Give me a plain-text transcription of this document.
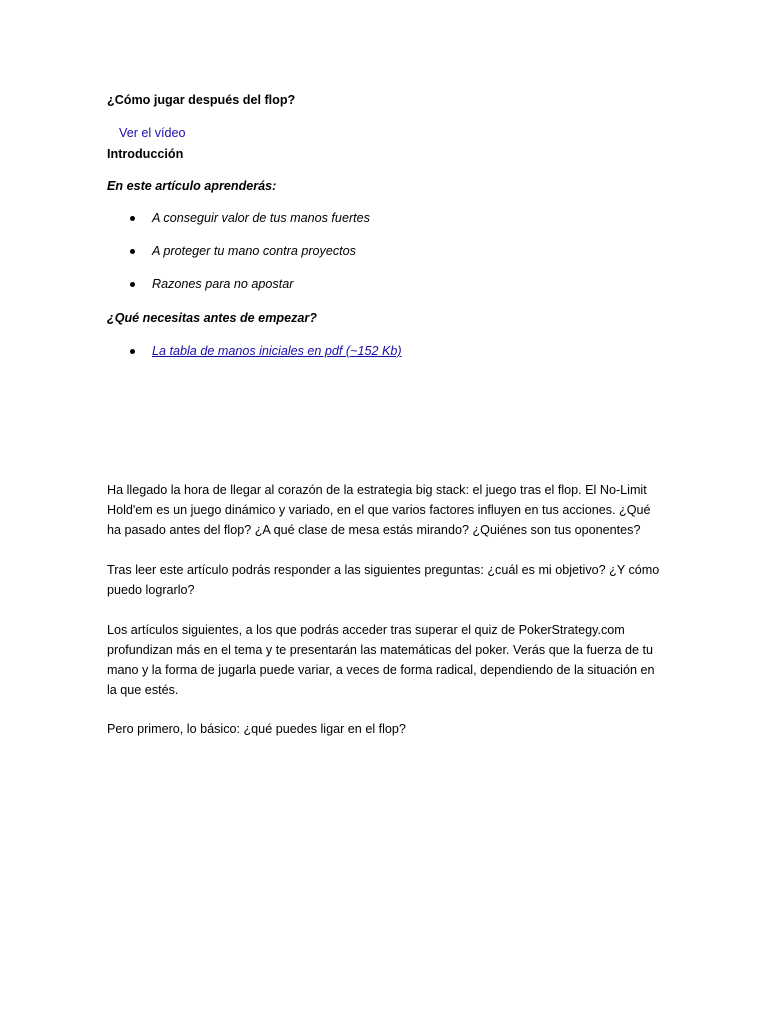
¿Cómo jugar después del flop?
Ver el vídeo

Introducción

En este artículo aprenderás:

A conseguir valor de tus manos fuertes
A proteger tu mano contra proyectos
Razones para no apostar

¿Qué necesitas antes de empezar?

La tabla de manos iniciales en pdf (~152 Kb)

Ha llegado la hora de llegar al corazón de la estrategia big stack: el juego tras el flop. El No-Limit Hold'em es un juego dinámico y variado, en el que varios factores influyen en tus acciones. ¿Qué ha pasado antes del flop? ¿A qué clase de mesa estás mirando? ¿Quiénes son tus oponentes?

Tras leer este artículo podrás responder a las siguientes preguntas: ¿cuál es mi objetivo? ¿Y cómo puedo lograrlo?

Los artículos siguientes, a los que podrás acceder tras superar el quiz de PokerStrategy.com profundizan más en el tema y te presentarán las matemáticas del poker. Verás que la fuerza de tu mano y la forma de jugarla puede variar, a veces de forma radical, dependiendo de la situación en la que estés.

Pero primero, lo básico: ¿qué puedes ligar en el flop?
